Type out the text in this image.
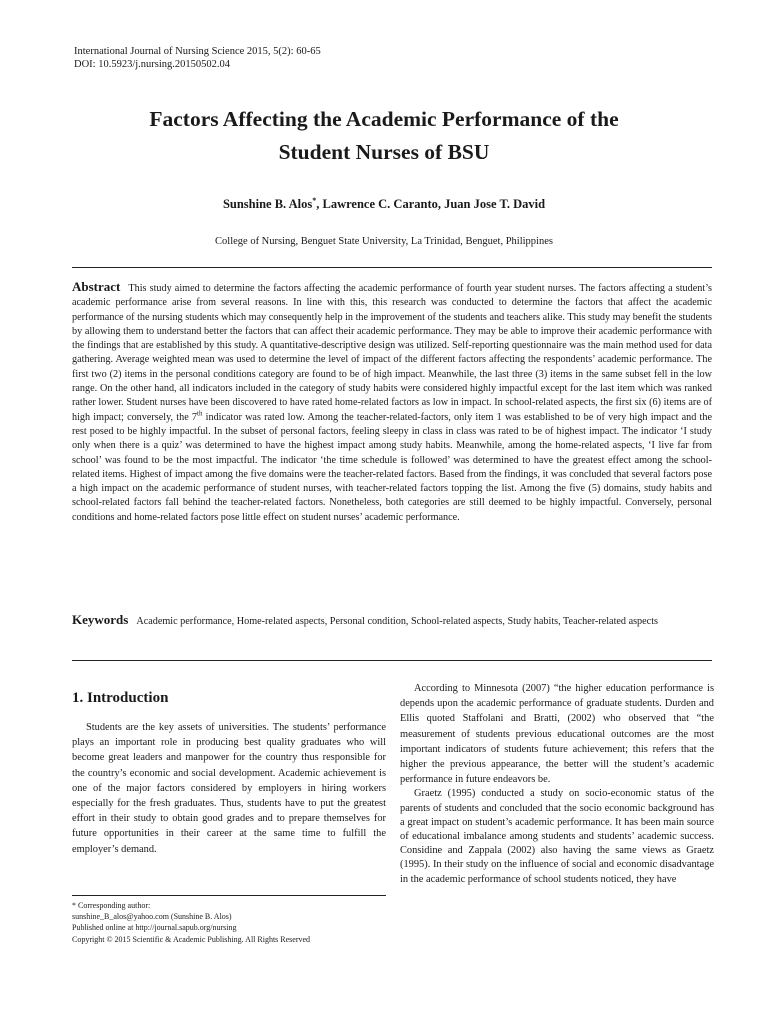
International Journal of Nursing Science 2015, 5(2): 60-65
DOI: 10.5923/j.nursing.20150502.04
Factors Affecting the Academic Performance of the
Student Nurses of BSU
Sunshine B. Alos*, Lawrence C. Caranto, Juan Jose T. David
College of Nursing, Benguet State University, La Trinidad, Benguet, Philippines

Abstract This study aimed to determine the factors affecting the academic performance of fourth year student nurses. The factors affecting a student’s academic performance arise from several reasons. In line with this, this research was conducted to determine the factors that affect the academic performance of the nursing students which may consequently help in the improvement of the students and teachers alike. This study may benefit the students by allowing them to understand better the factors that can affect their academic performance. They may be able to improve their academic performance with the findings that are established by this study. A quantitative-descriptive design was utilized. Self-reporting questionnaire was the main method used for data gathering. Average weighted mean was used to determine the level of impact of the different factors affecting the respondents’ academic performance. The first two (2) items in the personal conditions category are found to be of high impact. Meanwhile, the last three (3) items in the same subset fell in the low range. On the other hand, all indicators included in the category of study habits were considered highly impactful except for the last item which was ranked rather lower. Student nurses have been discovered to have rated home-related factors as low in impact. In school-related aspects, the first six (6) items are of high impact; conversely, the 7th indicator was rated low. Among the teacher-related-factors, only item 1 was established to be of very high impact and the rest posed to be highly impactful. In the subset of personal factors, feeling sleepy in class in class was rated to be of highest impact. The indicator ‘I study only when there is a quiz’ was determined to have the highest impact among study habits. Meanwhile, among the home-related aspects, ‘I live far from school’ was found to be the most impactful. The indicator ‘the time schedule is followed’ was determined to have the greatest effect among the school-related items. Highest of impact among the five domains were the teacher-related factors. Based from the findings, it was concluded that several factors pose a high impact on the academic performance of student nurses, with teacher-related factors topping the list. Among the five (5) domains, study habits and school-related factors fall behind the teacher-related factors. Nonetheless, both categories are still deemed to be highly impactful. Conversely, personal conditions and home-related factors pose little effect on student nurses’ academic performance.

Keywords Academic performance, Home-related aspects, Personal condition, School-related aspects, Study habits, Teacher-related aspects

1. Introduction

Students are the key assets of universities. The students’ performance plays an important role in producing best quality graduates who will become great leaders and manpower for the country thus responsible for the country’s economic and social development. Academic achievement is one of the major factors considered by employers in hiring workers especially for the fresh graduates. Thus, students have to put the greatest effort in their study to obtain good grades and to prepare themselves for future opportunities in their career at the same time to fulfill the employer’s demand.

According to Minnesota (2007) “the higher education performance is depends upon the academic performance of graduate students. Durden and Ellis quoted Staffolani and Bratti, (2002) who observed that “the measurement of students previous educational outcomes are the most important indicators of students future achievement; this refers that the higher the previous appearance, the better will the student’s academic performance in future endeavors be.

Graetz (1995) conducted a study on socio-economic status of the parents of students and concluded that the socio economic background has a great impact on student’s academic performance. It has been main source of educational imbalance among students and students’ academic success. Considine and Zappala (2002) also having the same views as Graetz (1995). In their study on the influence of social and economic disadvantage in the academic performance of school students noticed, they have

* Corresponding author:
sunshine_B_alos@yahoo.com (Sunshine B. Alos)
Published online at http://journal.sapub.org/nursing
Copyright © 2015 Scientific & Academic Publishing. All Rights Reserved
